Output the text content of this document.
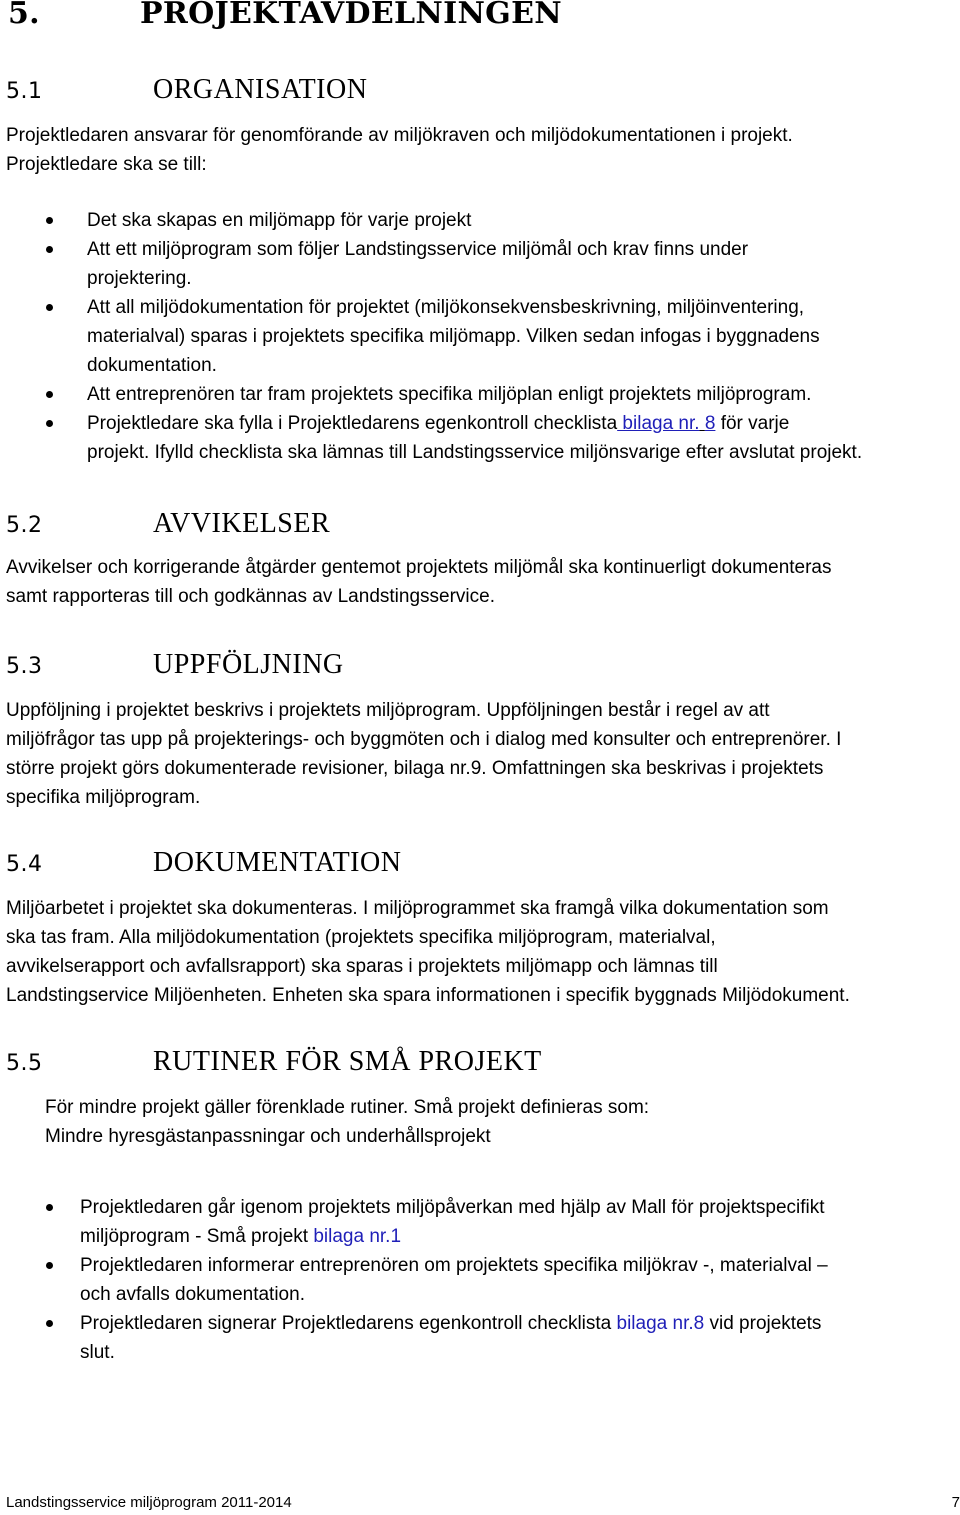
5.	PROJEKTAVDELNINGEN
5.1	ORGANISATION
Projektledaren ansvarar för genomförande av miljökraven och miljödokumentationen i projekt.
Projektledare ska se till:
Det ska skapas en miljömapp för varje projekt
Att ett miljöprogram som följer Landstingsservice miljömål och krav finns under
projektering.
Att all miljödokumentation för projektet (miljökonsekvensbeskrivning, miljöinventering,
materialval) sparas i projektets specifika miljömapp. Vilken sedan infogas i byggnadens
dokumentation.
Att entreprenören tar fram projektets specifika miljöplan enligt projektets miljöprogram.
Projektledare ska fylla i Projektledarens egenkontroll checklista bilaga nr. 8 för varje
projekt. Ifylld checklista ska lämnas till Landstingsservice miljönsvarige efter avslutat projekt.
5.2	AVVIKELSER
Avvikelser och korrigerande åtgärder gentemot projektets miljömål ska kontinuerligt dokumenteras
samt rapporteras till och godkännas av Landstingsservice.
5.3	UPPFÖLJNING
Uppföljning i projektet beskrivs i projektets miljöprogram. Uppföljningen består i regel av att
miljöfrågor tas upp på projekterings- och byggmöten och i dialog med konsulter och entreprenörer. I
större projekt görs dokumenterade revisioner, bilaga nr.9. Omfattningen ska beskrivas i projektets
specifika miljöprogram.
5.4	DOKUMENTATION
Miljöarbetet i projektet ska dokumenteras. I miljöprogrammet ska framgå vilka dokumentation som
ska tas fram. Alla miljödokumentation (projektets specifika miljöprogram, materialval,
avvikelserapport och avfallsrapport) ska sparas i projektets miljömapp och lämnas till
Landstingservice Miljöenheten. Enheten ska spara informationen i specifik byggnads Miljödokument.
5.5	RUTINER FÖR SMÅ PROJEKT
För mindre projekt gäller förenklade rutiner. Små projekt definieras som:
Mindre hyresgästanpassningar och underhållsprojekt
Projektledaren går igenom projektets miljöpåverkan med hjälp av Mall för projektspecifikt
miljöprogram - Små projekt bilaga nr.1
Projektledaren informerar entreprenören om projektets specifika miljökrav -, materialval –
och avfalls dokumentation.
Projektledaren signerar Projektledarens egenkontroll checklista bilaga nr.8 vid projektets
slut.
Landstingsservice miljöprogram 2011-2014	7
